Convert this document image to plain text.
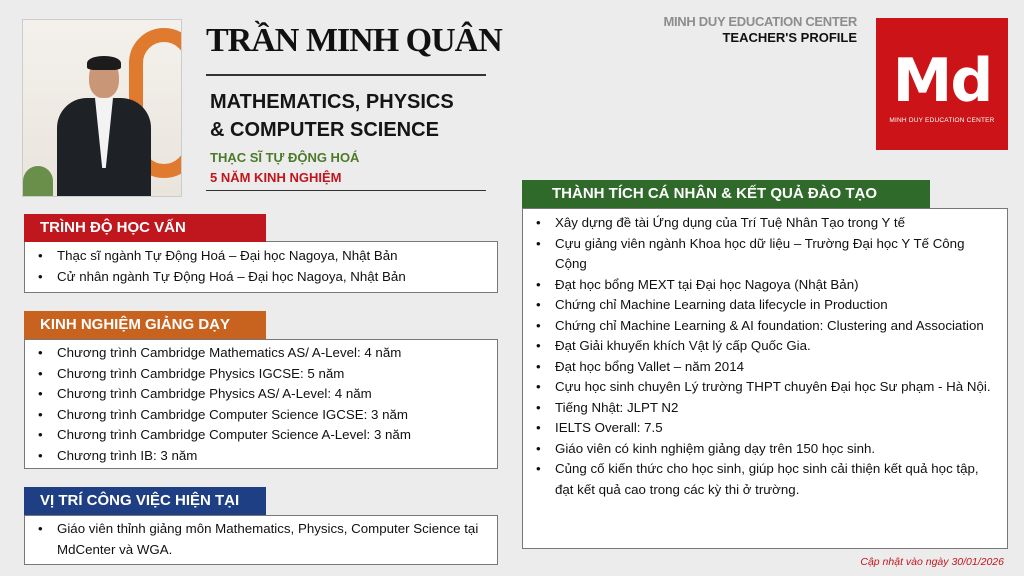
TRẦN MINH QUÂN
MATHEMATICS, PHYSICS
& COMPUTER SCIENCE
THẠC SĨ TỰ ĐỘNG HOÁ
5 NĂM KINH NGHIỆM
MINH DUY EDUCATION CENTER
TEACHER'S PROFILE
Md
MINH DUY EDUCATION CENTER
TRÌNH ĐỘ HỌC VẤN
• Thạc sĩ ngành Tự Động Hoá – Đại học Nagoya, Nhật Bản
• Cử nhân ngành Tự Động Hoá – Đại học Nagoya, Nhật Bản
KINH NGHIỆM GIẢNG DẠY
• Chương trình Cambridge Mathematics AS/ A-Level: 4 năm
• Chương trình Cambridge Physics IGCSE: 5 năm
• Chương trình Cambridge Physics AS/ A-Level: 4 năm
• Chương trình Cambridge Computer Science IGCSE: 3 năm
• Chương trình Cambridge Computer Science A-Level: 3 năm
• Chương trình IB: 3 năm
VỊ TRÍ CÔNG VIỆC HIỆN TẠI
• Giáo viên thỉnh giảng môn Mathematics, Physics, Computer Science tại MdCenter và WGA.
THÀNH TÍCH CÁ NHÂN & KẾT QUẢ ĐÀO TẠO
• Xây dựng đề tài Ứng dụng của Trí Tuệ Nhân Tạo trong Y tế
• Cựu giảng viên ngành Khoa học dữ liệu – Trường Đại học Y Tế Công Cộng
• Đạt học bổng MEXT tại Đại học Nagoya (Nhật Bản)
• Chứng chỉ Machine Learning data lifecycle in Production
• Chứng chỉ Machine Learning & AI foundation: Clustering and Association
• Đạt Giải khuyến khích Vật lý cấp Quốc Gia.
• Đạt học bổng Vallet – năm 2014
• Cựu học sinh chuyên Lý trường THPT chuyên Đại học Sư phạm - Hà Nội.
• Tiếng Nhật: JLPT N2
• IELTS Overall: 7.5
• Giáo viên có kinh nghiệm giảng dạy trên 150 học sinh.
• Củng cố kiến thức cho học sinh, giúp học sinh cải thiện kết quả học tập, đạt kết quả cao trong các kỳ thi ở trường.
Cập nhật vào ngày 30/01/2026
